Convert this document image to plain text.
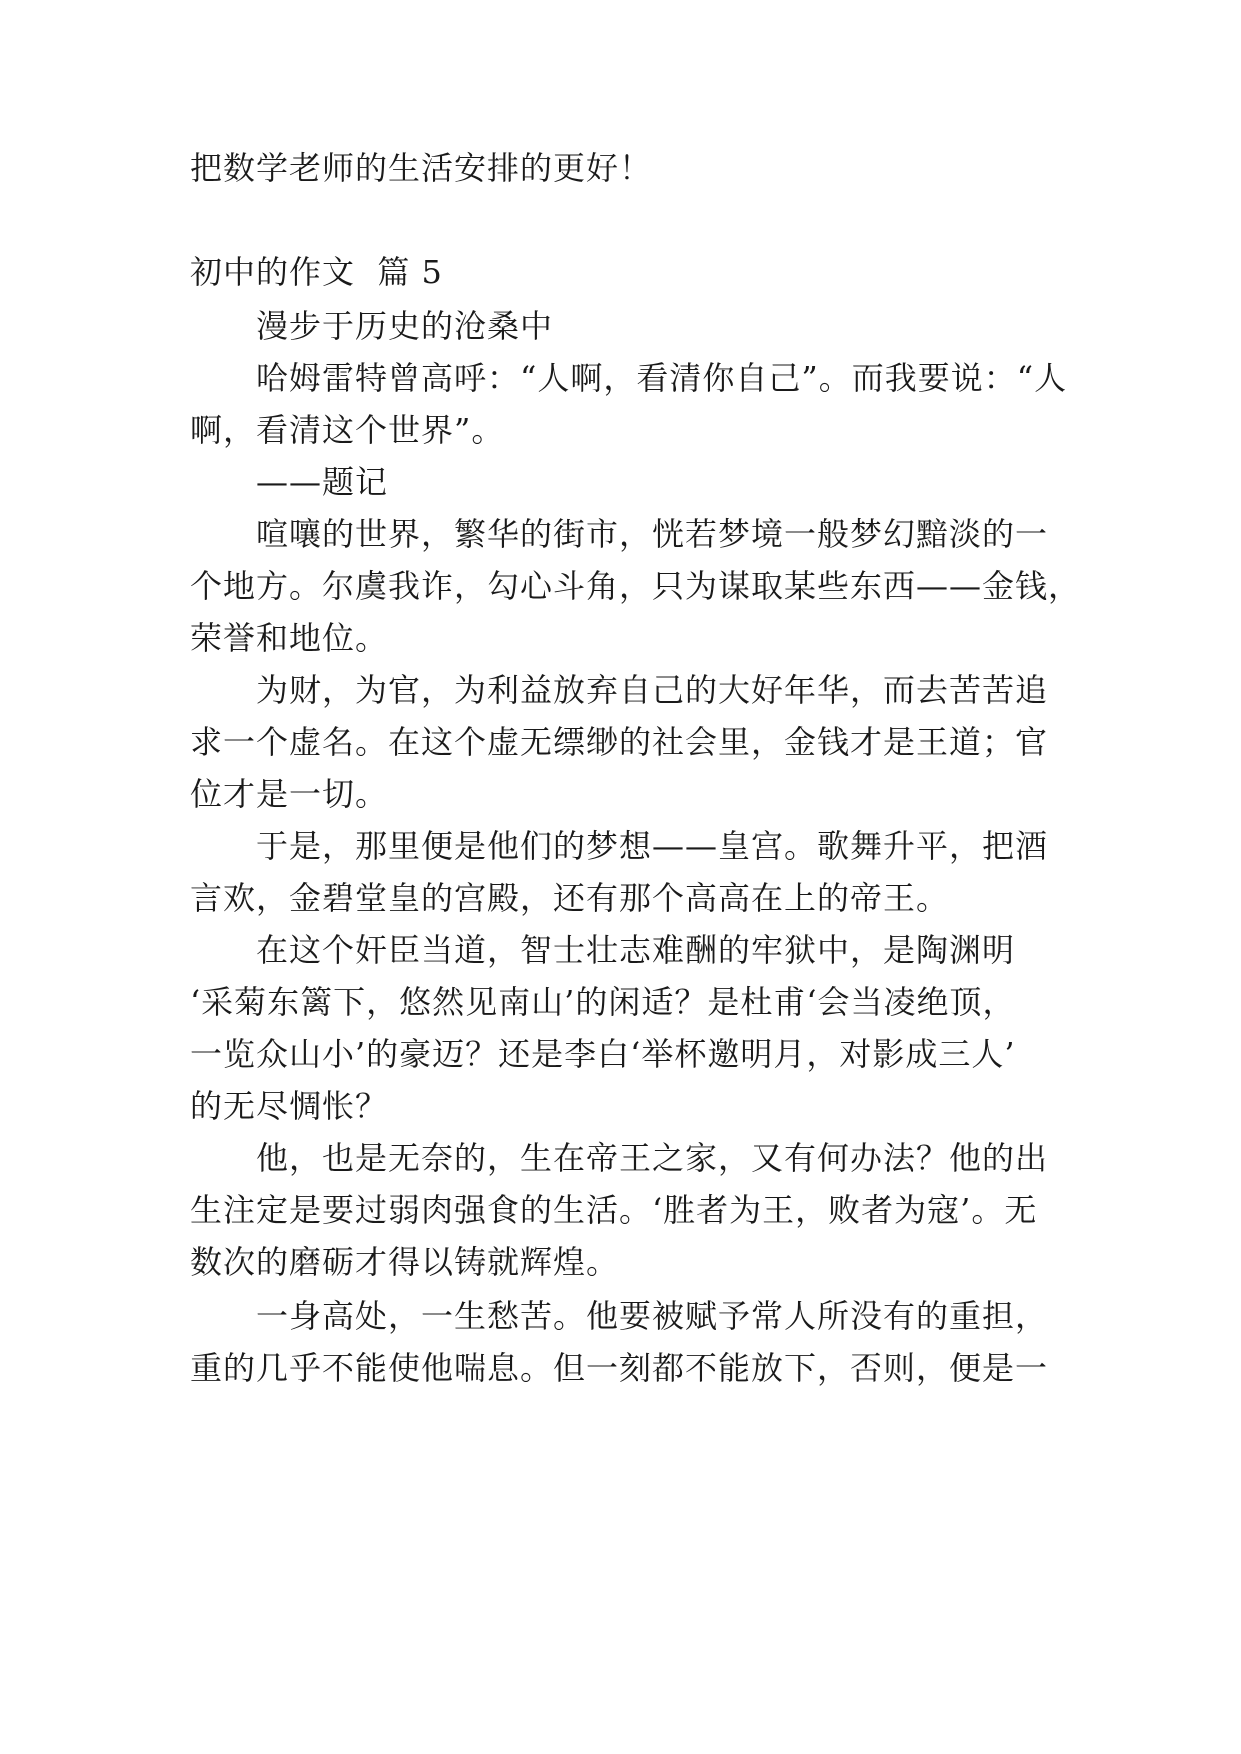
把数学老师的生活安排的更好！

初中的作文  篇 5

漫步于历史的沧桑中

哈姆雷特曾高呼：“人啊，看清你自己”。而我要说：“人

啊，看清这个世界”。

——题记

喧嚷的世界，繁华的街市，恍若梦境一般梦幻黯淡的一

个地方。尔虞我诈，勾心斗角，只为谋取某些东西——金钱，

荣誉和地位。

为财，为官，为利益放弃自己的大好年华，而去苦苦追

求一个虚名。在这个虚无缥缈的社会里，金钱才是王道；官

位才是一切。

于是，那里便是他们的梦想——皇宫。歌舞升平，把酒

言欢，金碧堂皇的宫殿，还有那个高高在上的帝王。

在这个奸臣当道，智士壮志难酬的牢狱中，是陶渊明

‘采菊东篱下，悠然见南山’的闲适？是杜甫‘会当凌绝顶，

一览众山小’的豪迈？还是李白‘举杯邀明月，对影成三人’

的无尽惆怅？

他，也是无奈的，生在帝王之家，又有何办法？他的出

生注定是要过弱肉强食的生活。‘胜者为王，败者为寇’。无

数次的磨砺才得以铸就辉煌。

一身高处，一生愁苦。他要被赋予常人所没有的重担，

重的几乎不能使他喘息。但一刻都不能放下，否则，便是一
